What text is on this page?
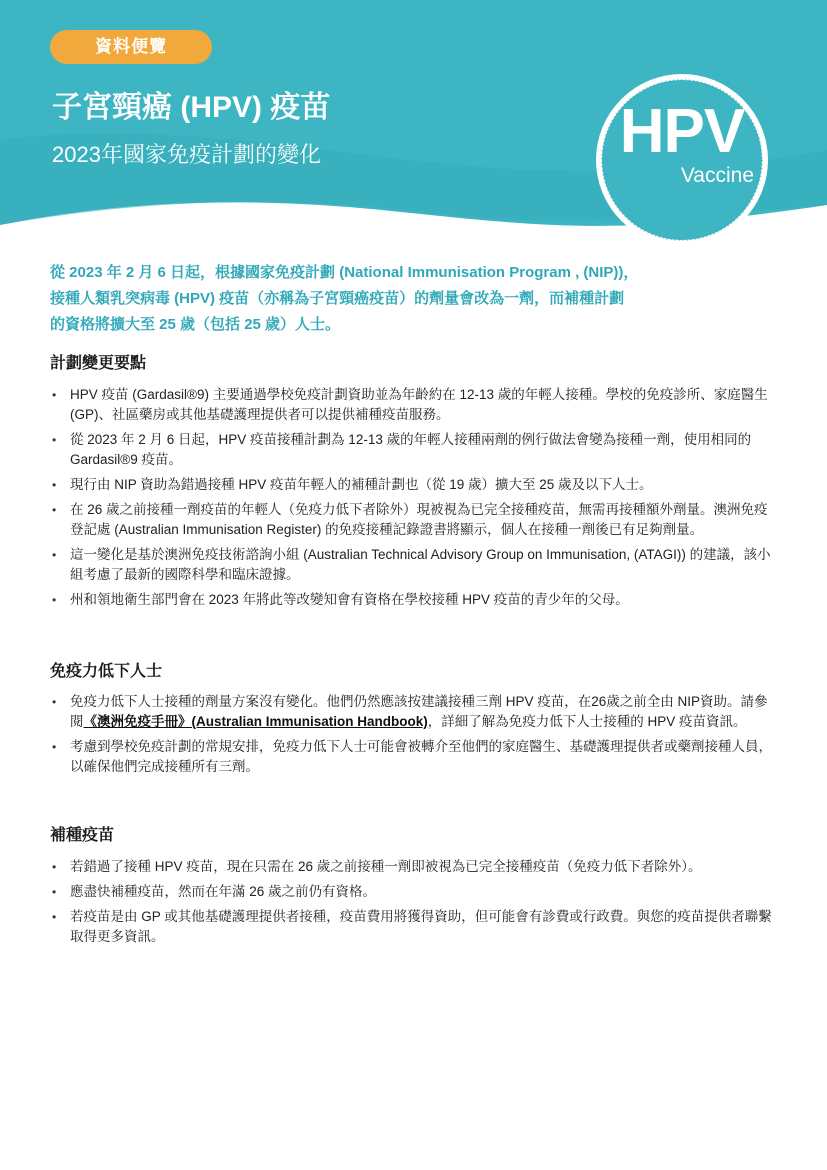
資料便覽
子宮頸癌 (HPV) 疫苗
2023年國家免疫計劃的變化	HPV
Vaccine
從 2023 年 2 月 6 日起，根據國家免疫計劃 (National Immunisation Program , (NIP))，
接種人類乳突病毒 (HPV) 疫苗（亦稱為子宮頸癌疫苗）的劑量會改為一劑，而補種計劃
的資格將擴大至 25 歲（包括 25 歲）人士。
計劃變更要點
• HPV 疫苗 (Gardasil®9) 主要通過學校免疫計劃資助並為年齡約在 12-13 歲的年輕人接種。學校的免疫診所、家庭醫生 (GP)、社區藥房或其他基礎護理提供者可以提供補種疫苗服務。
• 從 2023 年 2 月 6 日起，HPV 疫苗接種計劃為 12-13 歲的年輕人接種兩劑的例行做法會變為接種一劑，使用相同的 Gardasil®9 疫苗。
• 現行由 NIP 資助為錯過接種 HPV 疫苗年輕人的補種計劃也（從 19 歲）擴大至 25 歲及以下人士。
• 在 26 歲之前接種一劑疫苗的年輕人（免疫力低下者除外）現被視為已完全接種疫苗，無需再接種額外劑量。澳洲免疫登記處 (Australian Immunisation Register) 的免疫接種記錄證書將顯示，個人在接種一劑後已有足夠劑量。
• 這一變化是基於澳洲免疫技術諮詢小組 (Australian Technical Advisory Group on Immunisation, (ATAGI)) 的建議，該小組考慮了最新的國際科學和臨床證據。
• 州和領地衛生部門會在 2023 年將此等改變知會有資格在學校接種 HPV 疫苗的青少年的父母。
免疫力低下人士
• 免疫力低下人士接種的劑量方案沒有變化。他們仍然應該按建議接種三劑 HPV 疫苗，在26歲之前全由 NIP資助。請參閱《澳洲免疫手冊》(Australian Immunisation Handbook)，詳細了解為免疫力低下人士接種的 HPV 疫苗資訊。
• 考慮到學校免疫計劃的常規安排，免疫力低下人士可能會被轉介至他們的家庭醫生、基礎護理提供者或藥劑接種人員，以確保他們完成接種所有三劑。
補種疫苗
• 若錯過了接種 HPV 疫苗，現在只需在 26 歲之前接種一劑即被視為已完全接種疫苗（免疫力低下者除外）。
• 應盡快補種疫苗，然而在年滿 26 歲之前仍有資格。
• 若疫苗是由 GP 或其他基礎護理提供者接種，疫苗費用將獲得資助，但可能會有診費或行政費。與您的疫苗提供者聯繫取得更多資訊。
